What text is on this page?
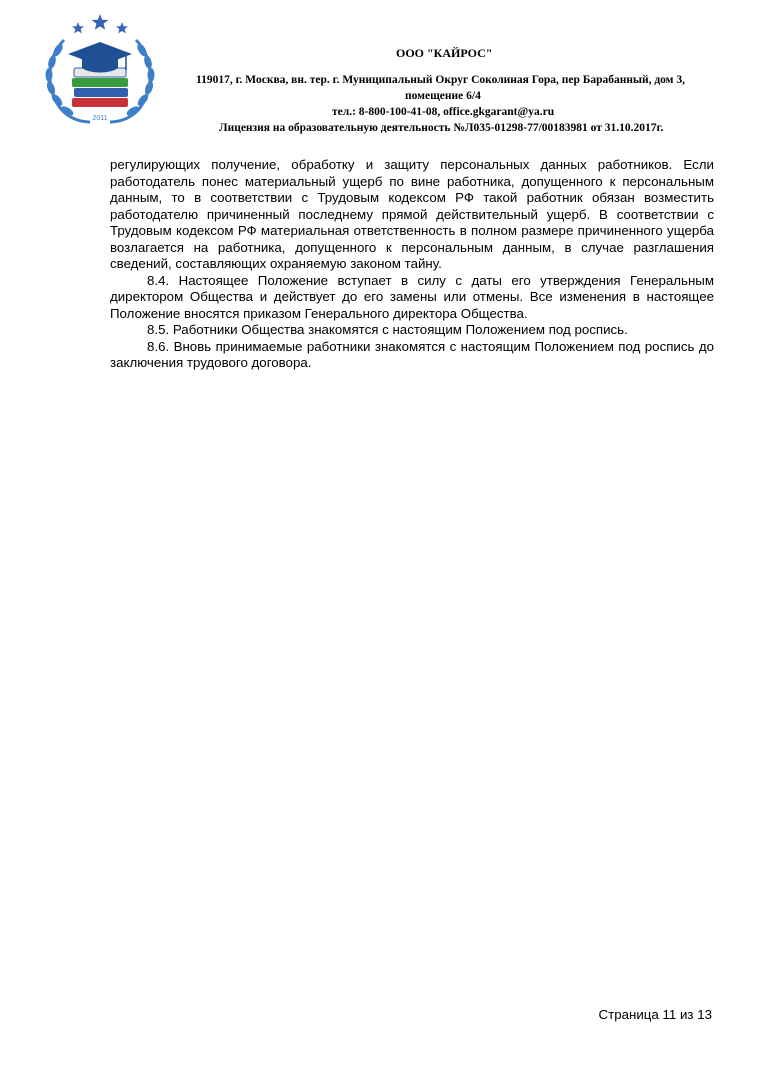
2011
ООО "КАЙРОС"
119017, г. Москва, вн. тер. г. Муниципальный Округ Соколиная Гора, пер Барабанный, дом 3,
помещение 6/4
тел.: 8-800-100-41-08, office.gkgarant@ya.ru
Лицензия на образовательную деятельность №Л035-01298-77/00183981 от 31.10.2017г.

регулирующих получение, обработку и защиту персональных данных работников. Если работодатель понес материальный ущерб по вине работника, допущенного к персональным данным, то в соответствии с Трудовым кодексом РФ такой работник обязан возместить работодателю причиненный последнему прямой действительный ущерб. В соответствии с Трудовым кодексом РФ материальная ответственность в полном размере причиненного ущерба возлагается на работника, допущенного к персональным данным, в случае разглашения сведений, составляющих охраняемую законом тайну.

8.4. Настоящее Положение вступает в силу с даты его утверждения Генеральным директором Общества и действует до его замены или отмены. Все изменения в настоящее Положение вносятся приказом Генерального директора Общества.

8.5. Работники Общества знакомятся с настоящим Положением под роспись.

8.6. Вновь принимаемые работники знакомятся с настоящим Положением под роспись до заключения трудового договора.

Страница 11 из 13
